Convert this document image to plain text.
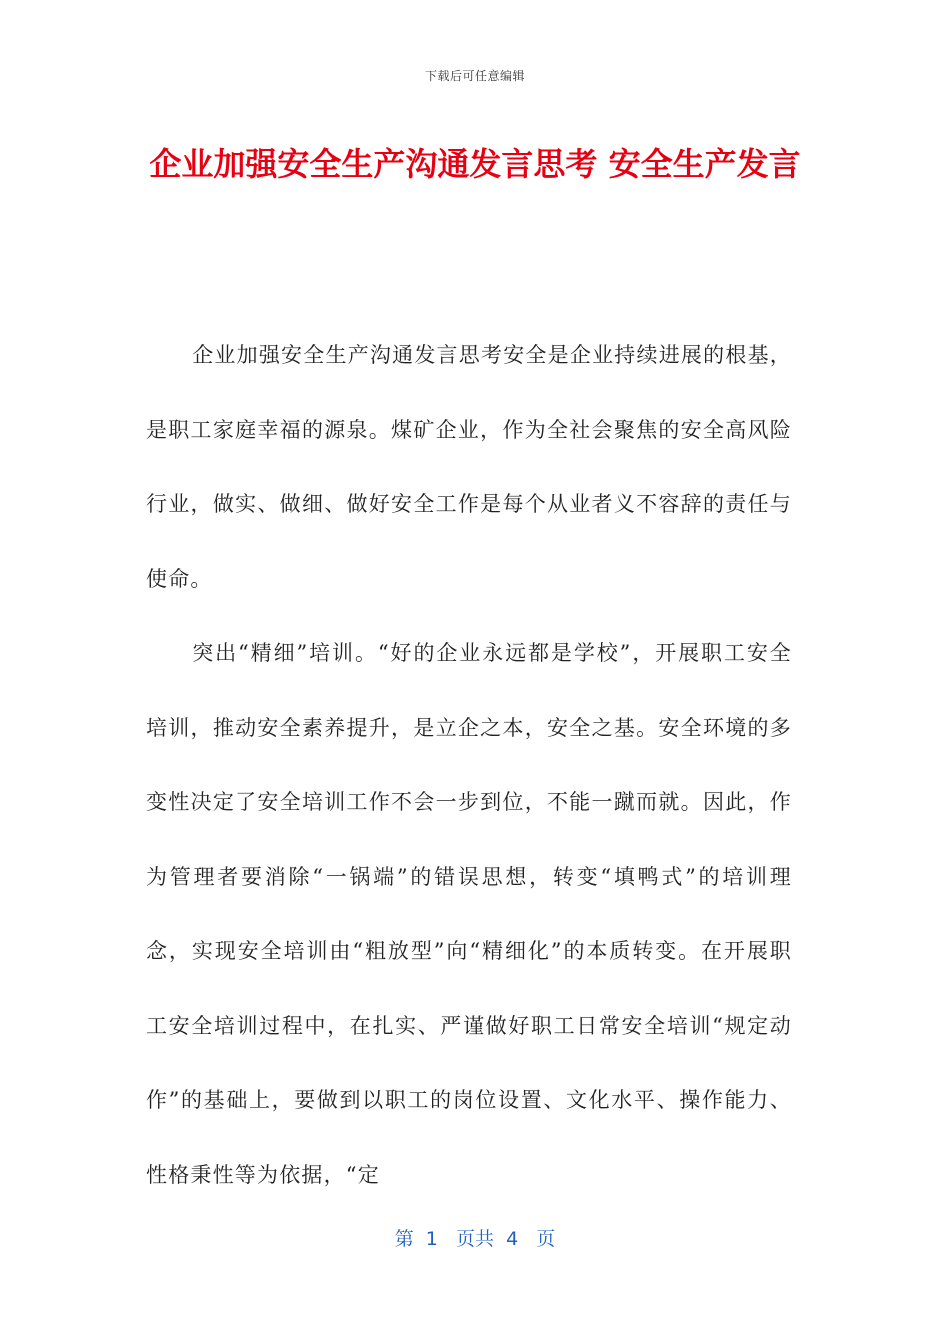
下载后可任意编辑
企业加强安全生产沟通发言思考 安全生产发言

企业加强安全生产沟通发言思考安全是企业持续进展的根基，是职工家庭幸福的源泉。煤矿企业，作为全社会聚焦的安全高风险行业，做实、做细、做好安全工作是每个从业者义不容辞的责任与使命。

突出“精细”培训。“好的企业永远都是学校”，开展职工安全培训，推动安全素养提升，是立企之本，安全之基。安全环境的多变性决定了安全培训工作不会一步到位，不能一蹴而就。因此，作为管理者要消除“一锅端”的错误思想，转变“填鸭式”的培训理念，实现安全培训由“粗放型”向“精细化”的本质转变。在开展职工安全培训过程中，在扎实、严谨做好职工日常安全培训“规定动作”的基础上，要做到以职工的岗位设置、文化水平、操作能力、性格秉性等为依据，“定

第  1   页共  4   页
